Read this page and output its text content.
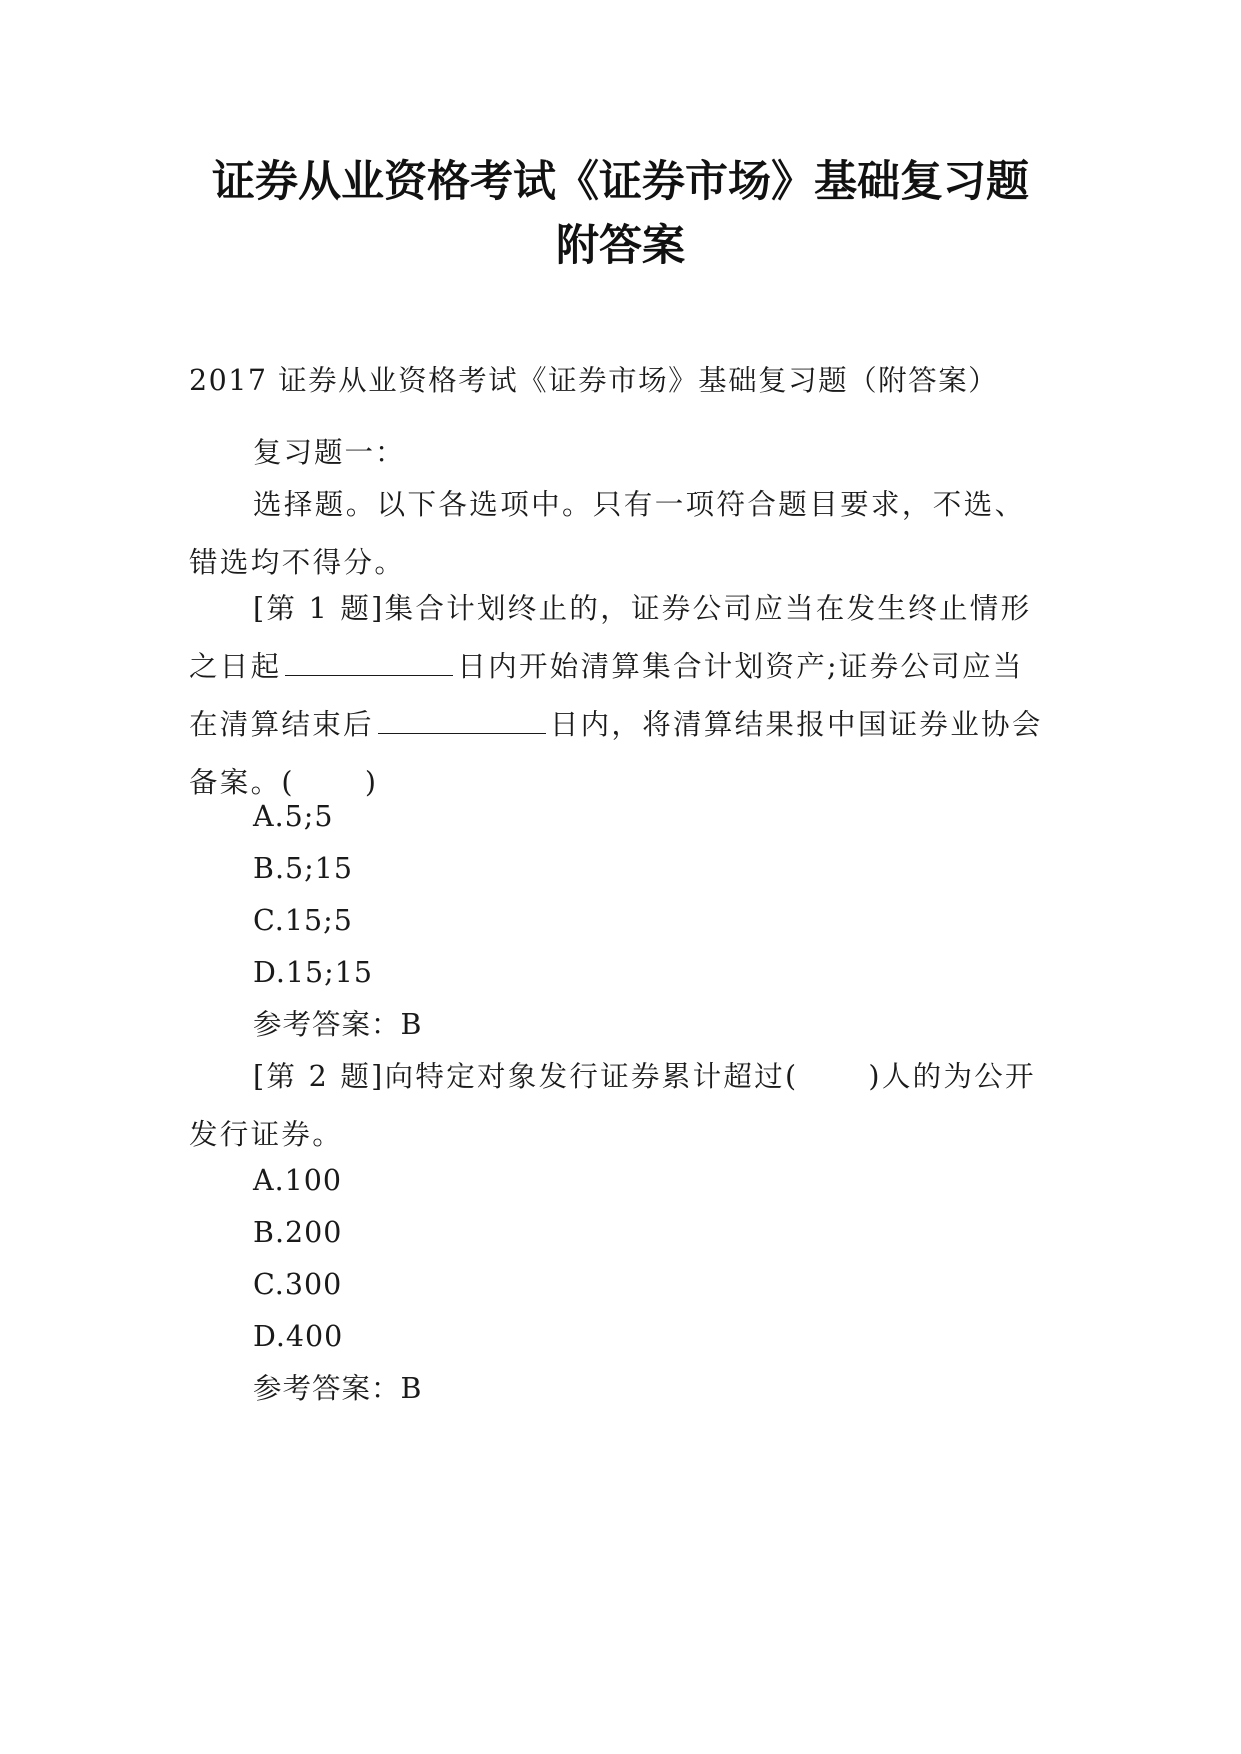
证券从业资格考试《证券市场》基础复习题
附答案
2017 证券从业资格考试《证券市场》基础复习题（附答案）
复习题一：
选择题。以下各选项中。只有一项符合题目要求，不选、错选均不得分。
[第 1 题]集合计划终止的，证券公司应当在发生终止情形之日起	日内开始清算集合计划资产;证券公司应当在清算结束后	日内，将清算结果报中国证券业协会备案。( )
A.5;5
B.5;15
C.15;5
D.15;15
参考答案：B
[第 2 题]向特定对象发行证券累计超过( )人的为公开发行证券。
A.100
B.200
C.300
D.400
参考答案：B
